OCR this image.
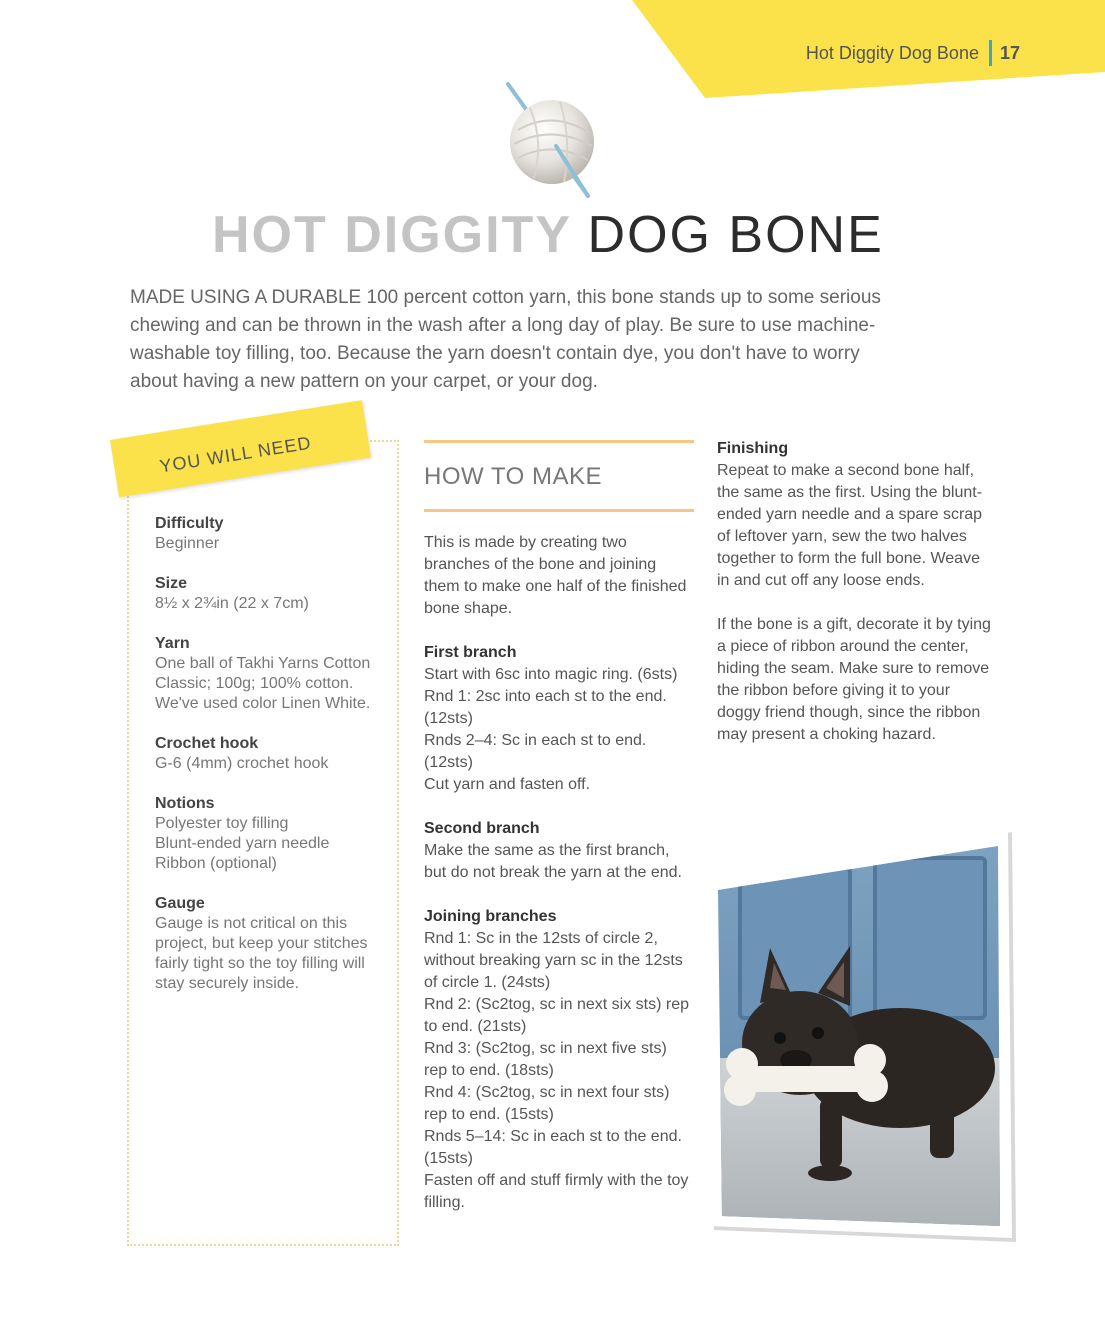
Hot Diggity Dog Bone 17
HOT DIGGITY DOG BONE

MADE USING A DURABLE 100 percent cotton yarn, this bone stands up to some serious chewing and can be thrown in the wash after a long day of play. Be sure to use machine-washable toy filling, too. Because the yarn doesn't contain dye, you don't have to worry about having a new pattern on your carpet, or your dog.

YOU WILL NEED
Difficulty

Beginner

Size

8½ x 2¾in (22 x 7cm)

Yarn

One ball of Takhi Yarns Cotton Classic; 100g; 100% cotton. We've used color Linen White.

Crochet hook

G-6 (4mm) crochet hook

Notions

Polyester toy filling

Blunt-ended yarn needle

Ribbon (optional)

Gauge

Gauge is not critical on this project, but keep your stitches fairly tight so the toy filling will stay securely inside.

HOW TO MAKE

This is made by creating two branches of the bone and joining them to make one half of the finished bone shape.

First branch

Start with 6sc into magic ring. (6sts)

Rnd 1: 2sc into each st to the end. (12sts)

Rnds 2–4: Sc in each st to end. (12sts)

Cut yarn and fasten off.

Second branch

Make the same as the first branch, but do not break the yarn at the end.

Joining branches

Rnd 1: Sc in the 12sts of circle 2, without breaking yarn sc in the 12sts of circle 1. (24sts)

Rnd 2: (Sc2tog, sc in next six sts) rep to end. (21sts)

Rnd 3: (Sc2tog, sc in next five sts) rep to end. (18sts)

Rnd 4: (Sc2tog, sc in next four sts) rep to end. (15sts)

Rnds 5–14: Sc in each st to the end. (15sts)

Fasten off and stuff firmly with the toy filling.

Finishing

Repeat to make a second bone half, the same as the first. Using the blunt-ended yarn needle and a spare scrap of leftover yarn, sew the two halves together to form the full bone. Weave in and cut off any loose ends.

If the bone is a gift, decorate it by tying a piece of ribbon around the center, hiding the seam. Make sure to remove the ribbon before giving it to your doggy friend though, since the ribbon may present a choking hazard.
